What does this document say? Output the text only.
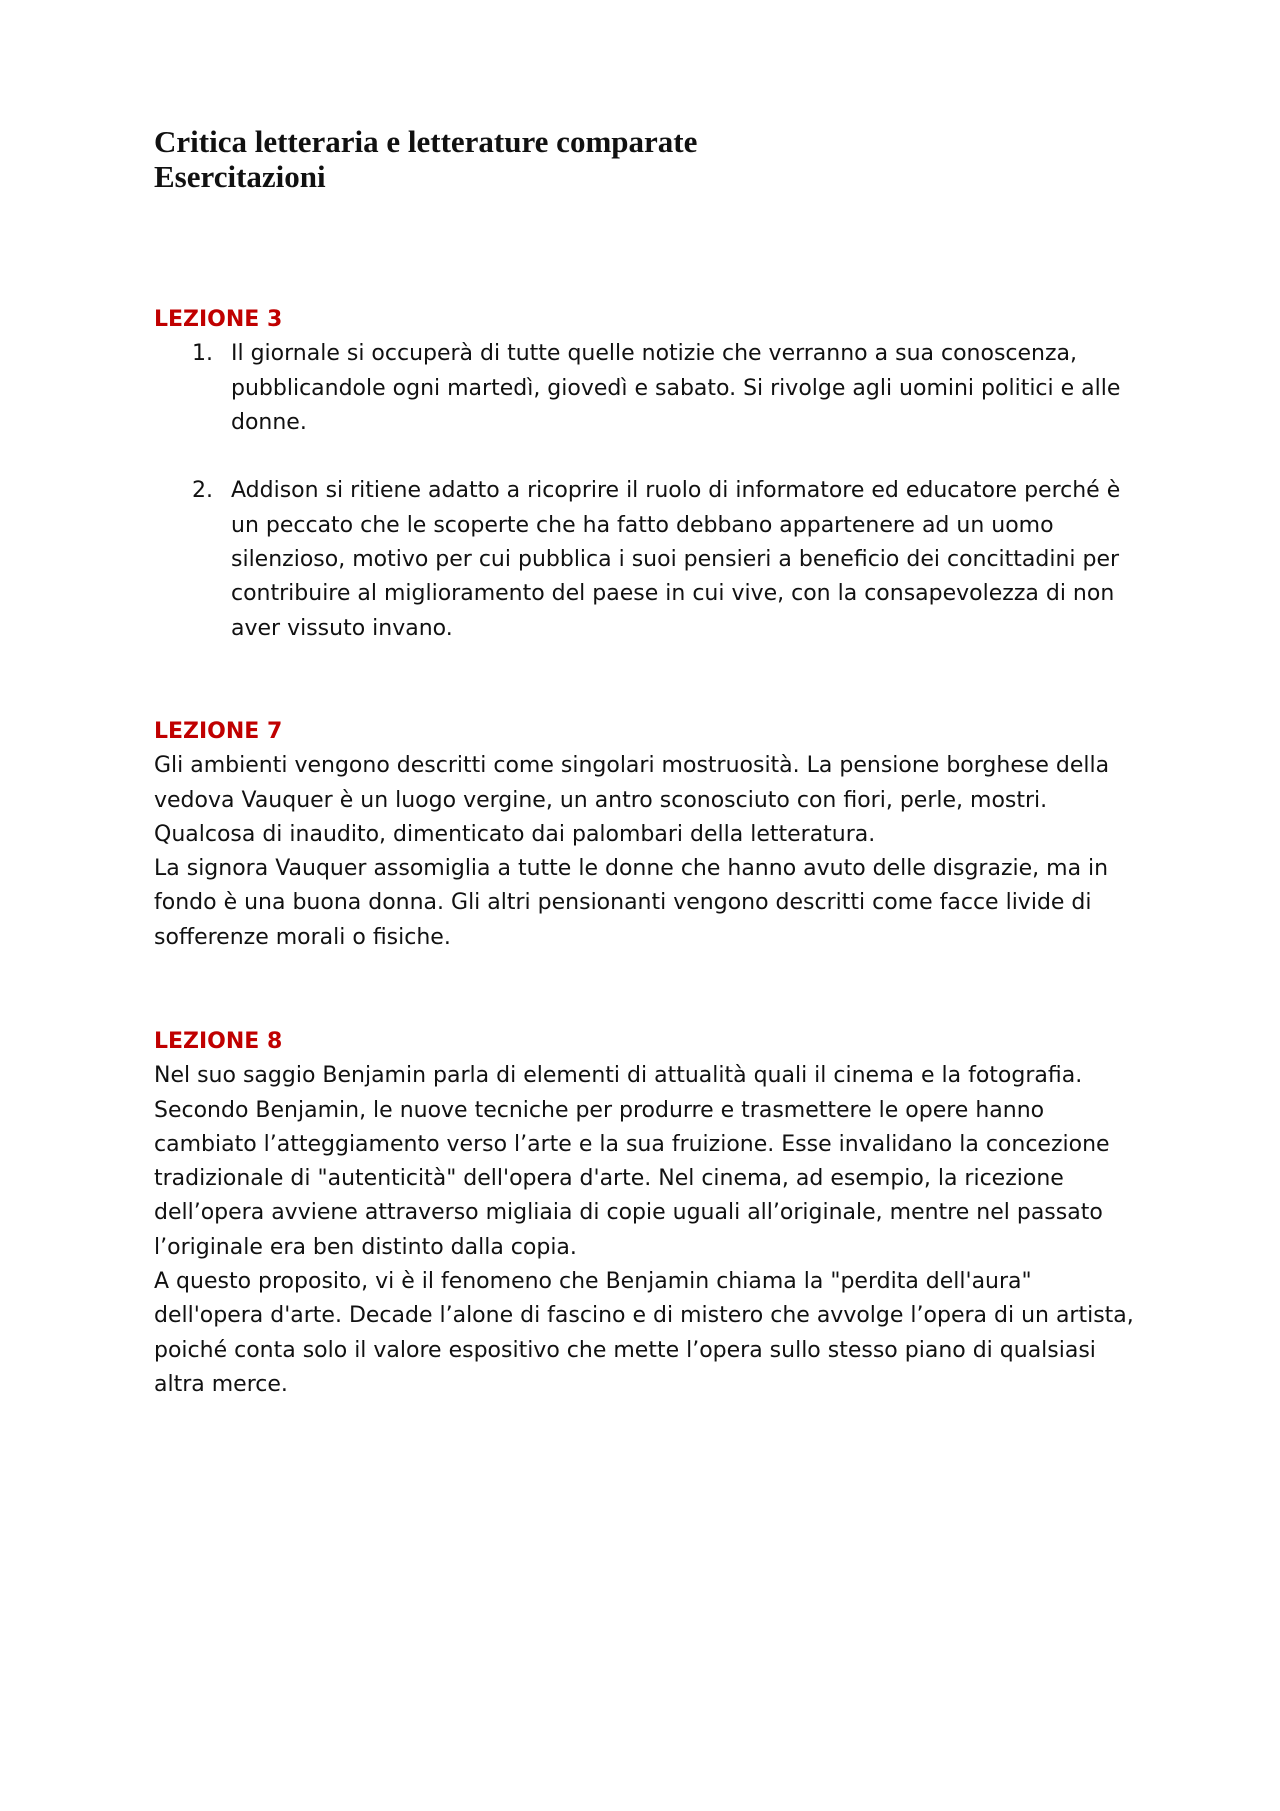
Critica letteraria e letterature comparate
Esercitazioni
LEZIONE 3
1. Il giornale si occuperà di tutte quelle notizie che verranno a sua conoscenza, pubblicandole ogni martedì, giovedì e sabato. Si rivolge agli uomini politici e alle donne.
2. Addison si ritiene adatto a ricoprire il ruolo di informatore ed educatore perché è un peccato che le scoperte che ha fatto debbano appartenere ad un uomo silenzioso, motivo per cui pubblica i suoi pensieri a beneficio dei concittadini per contribuire al miglioramento del paese in cui vive, con la consapevolezza di non aver vissuto invano.
LEZIONE 7

Gli ambienti vengono descritti come singolari mostruosità. La pensione borghese della vedova Vauquer è un luogo vergine, un antro sconosciuto con fiori, perle, mostri. Qualcosa di inaudito, dimenticato dai palombari della letteratura.

La signora Vauquer assomiglia a tutte le donne che hanno avuto delle disgrazie, ma in fondo è una buona donna. Gli altri pensionanti vengono descritti come facce livide di sofferenze morali o fisiche.

LEZIONE 8

Nel suo saggio Benjamin parla di elementi di attualità quali il cinema e la fotografia. Secondo Benjamin, le nuove tecniche per produrre e trasmettere le opere hanno cambiato l’atteggiamento verso l’arte e la sua fruizione. Esse invalidano la concezione tradizionale di "autenticità" dell'opera d'arte. Nel cinema, ad esempio, la ricezione dell’opera avviene attraverso migliaia di copie uguali all’originale, mentre nel passato l’originale era ben distinto dalla copia.

A questo proposito, vi è il fenomeno che Benjamin chiama la "perdita dell'aura" dell'opera d'arte. Decade l’alone di fascino e di mistero che avvolge l’opera di un artista, poiché conta solo il valore espositivo che mette l’opera sullo stesso piano di qualsiasi altra merce.
